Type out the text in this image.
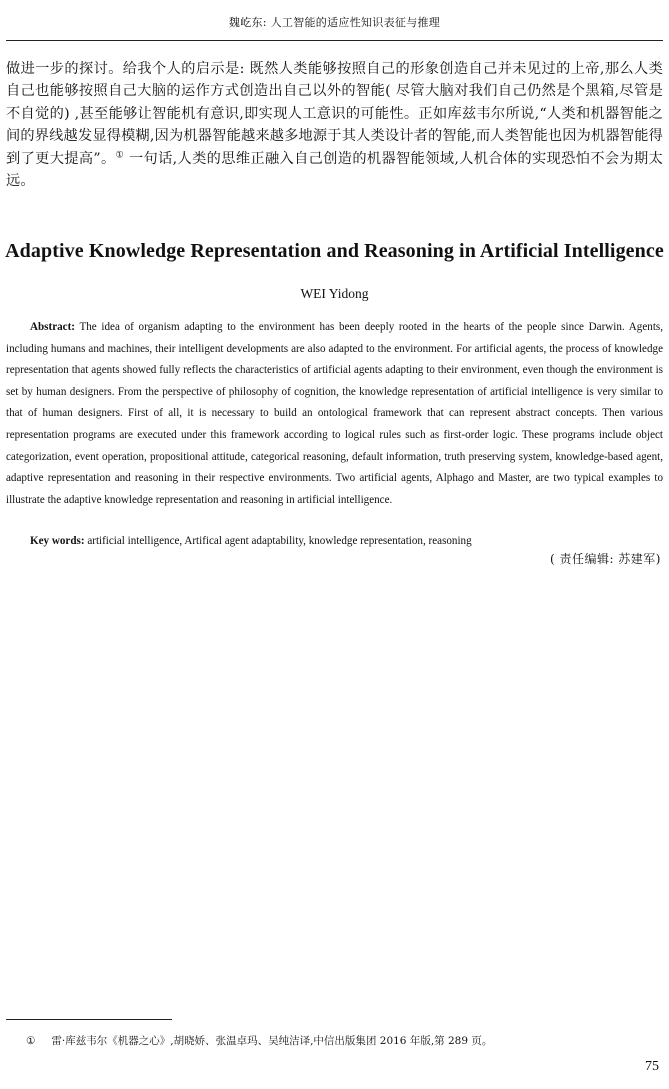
魏屹东: 人工智能的适应性知识表征与推理
做进一步的探讨。给我个人的启示是: 既然人类能够按照自己的形象创造自己并未见过的上帝,那么人类自己也能够按照自己大脑的运作方式创造出自己以外的智能( 尽管大脑对我们自己仍然是个黑箱,尽管是不自觉的) ,甚至能够让智能机有意识,即实现人工意识的可能性。正如库兹韦尔所说,“人类和机器智能之间的界线越发显得模糊,因为机器智能越来越多地源于其人类设计者的智能,而人类智能也因为机器智能得到了更大提高”。① 一句话,人类的思维正融入自己创造的机器智能领域,人机合体的实现恐怕不会为期太远。
Adaptive Knowledge Representation and Reasoning in Artificial Intelligence
WEI Yidong
Abstract: The idea of organism adapting to the environment has been deeply rooted in the hearts of the people since Darwin. Agents, including humans and machines, their intelligent developments are also adapted to the environment. For artificial agents, the process of knowledge representation that agents showed fully reflects the characteristics of artificial agents adapting to their environment, even though the environment is set by human designers. From the perspective of philosophy of cognition, the knowledge representation of artificial intelligence is very similar to that of human designers. First of all, it is necessary to build an ontological framework that can represent abstract concepts. Then various representation programs are executed under this framework according to logical rules such as first-order logic. These programs include object categorization, event operation, propositional attitude, categorical reasoning, default information, truth preserving system, knowledge-based agent, adaptive representation and reasoning in their respective environments. Two artificial agents, Alphago and Master, are two typical examples to illustrate the adaptive knowledge representation and reasoning in artificial intelligence.
Key words: artificial intelligence, Artifical agent adaptability, knowledge representation, reasoning
( 责任编辑: 苏建军)
① 雷·库兹韦尔《机器之心》,胡晓娇、张温卓玛、吴纯洁译,中信出版集团 2016 年版,第 289 页。
75
